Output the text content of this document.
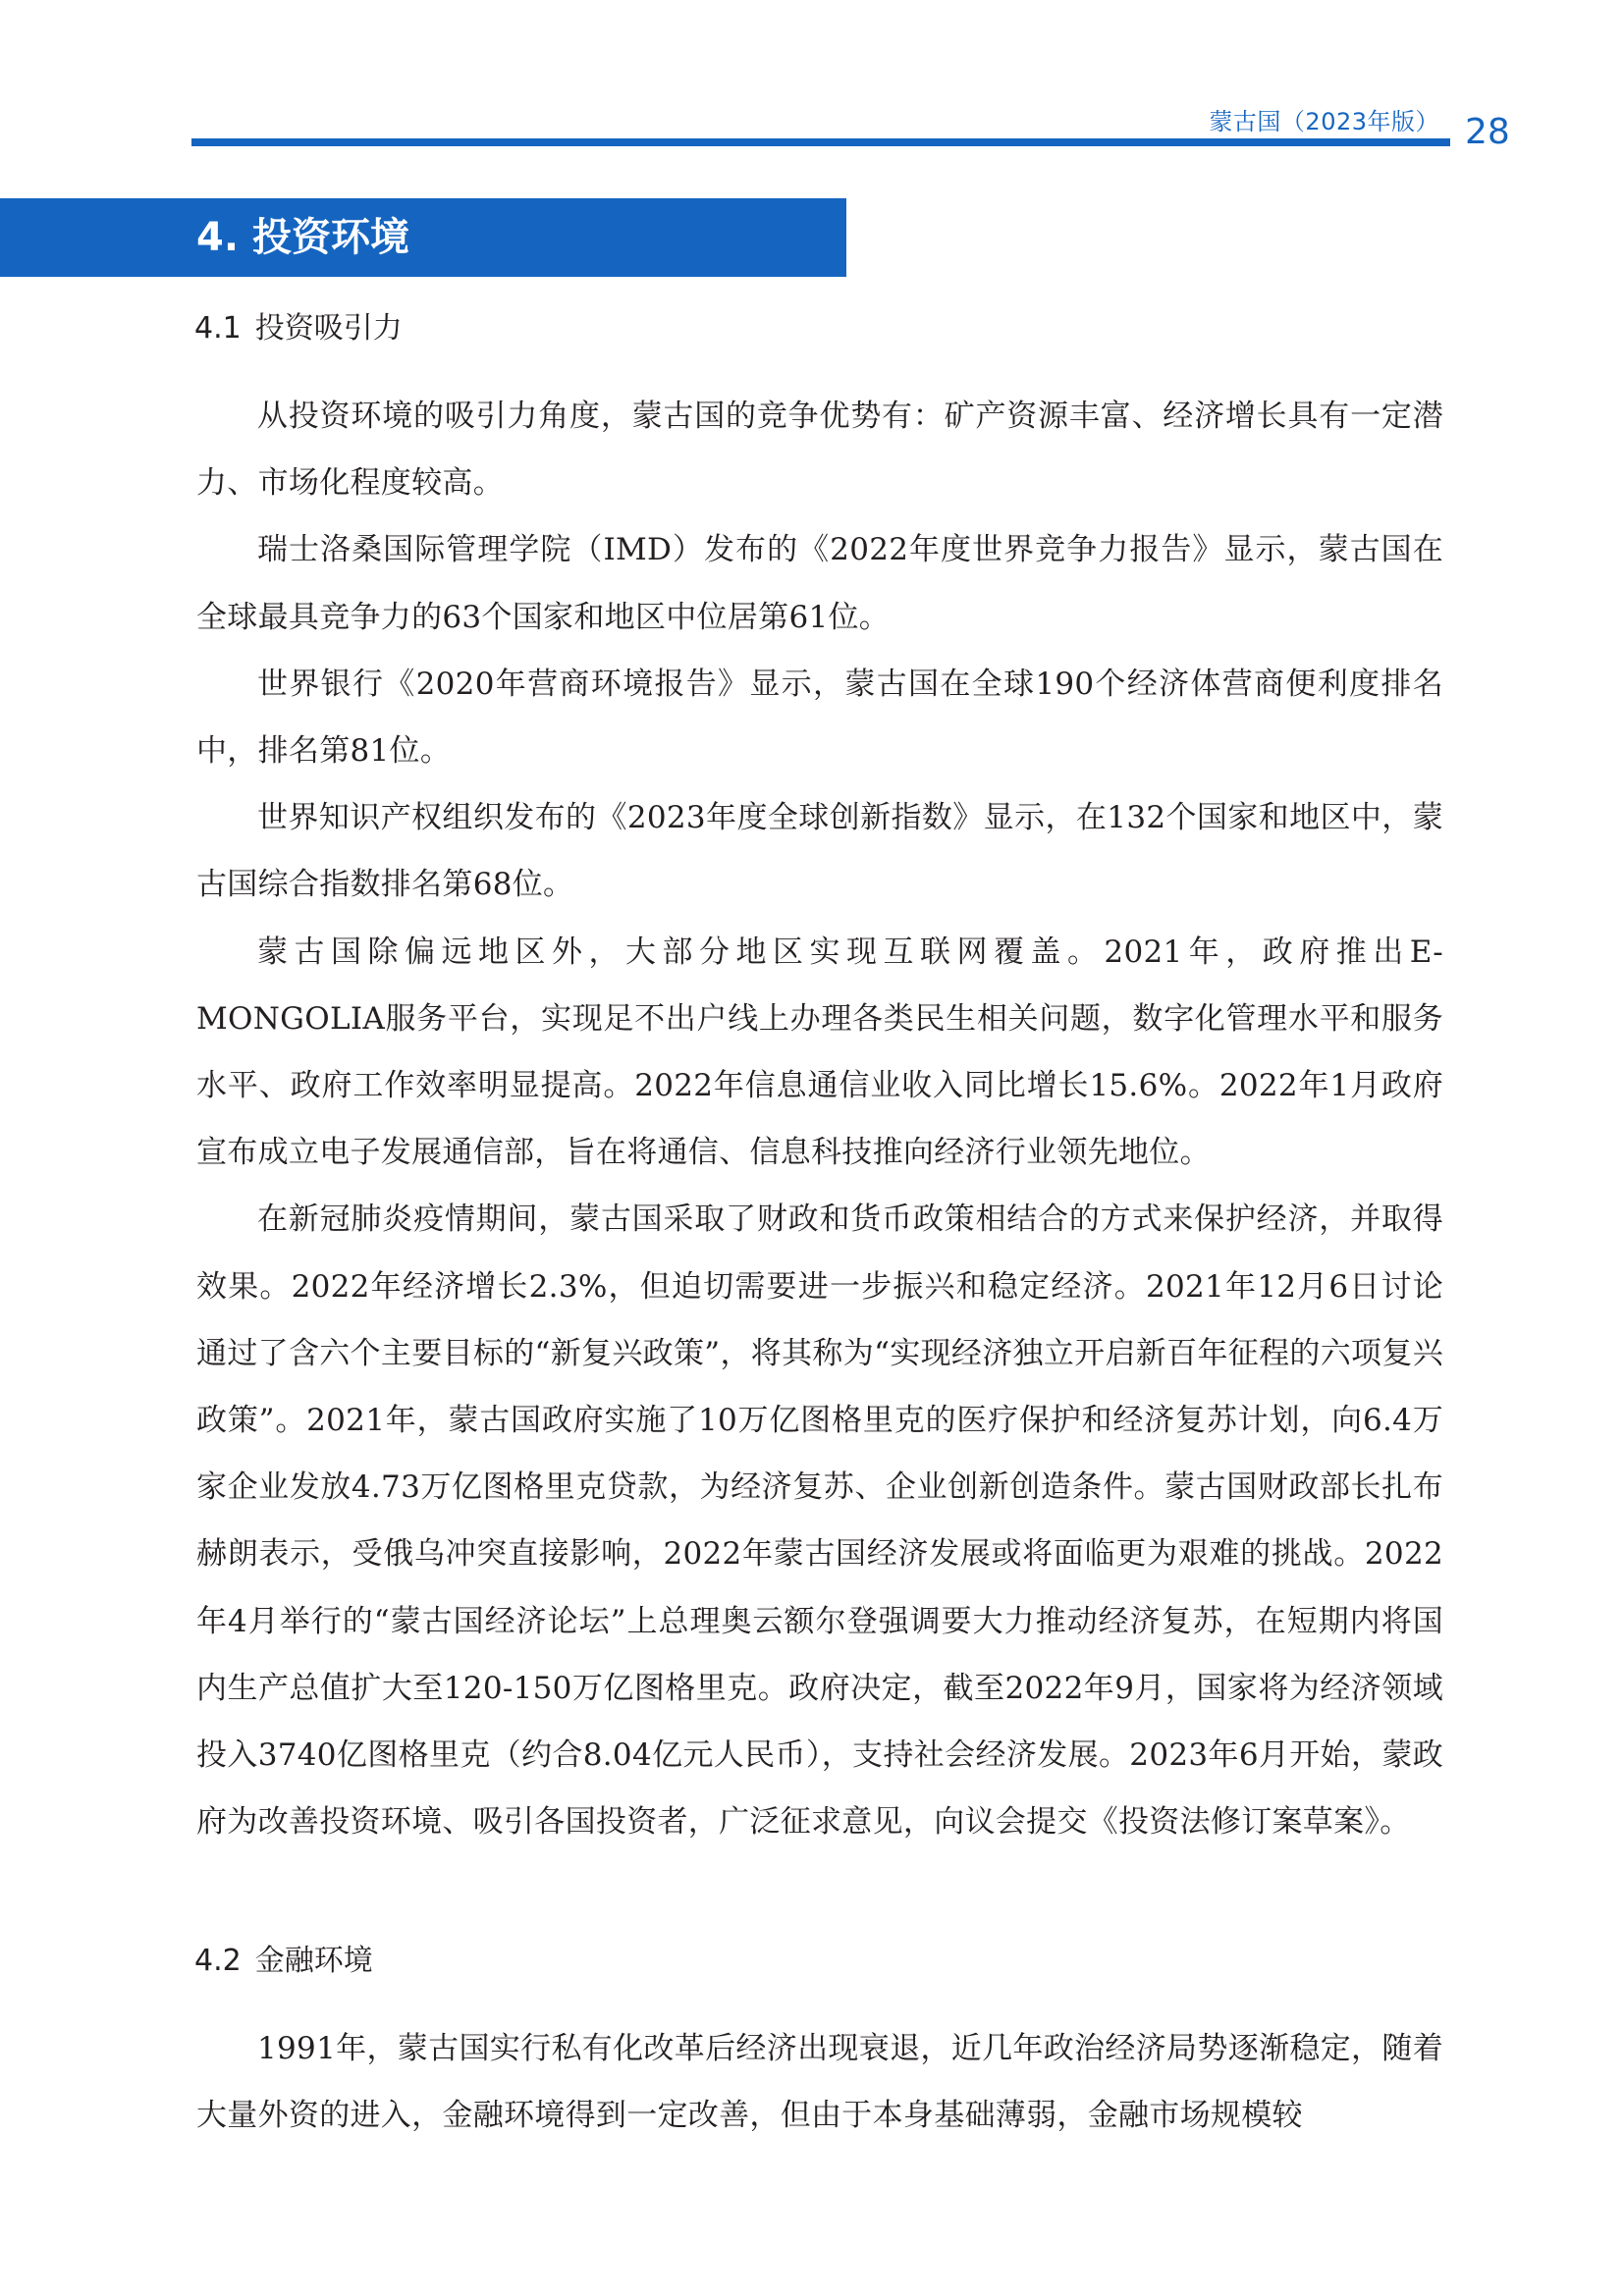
蒙古国（2023年版） 28
4. 投资环境
4.1 投资吸引力

从投资环境的吸引力角度，蒙古国的竞争优势有：矿产资源丰富、经济增长具有一定潜力、市场化程度较高。

瑞士洛桑国际管理学院（IMD）发布的《2022年度世界竞争力报告》显示，蒙古国在全球最具竞争力的63个国家和地区中位居第61位。

世界银行《2020年营商环境报告》显示，蒙古国在全球190个经济体营商便利度排名中，排名第81位。

世界知识产权组织发布的《2023年度全球创新指数》显示，在132个国家和地区中，蒙古国综合指数排名第68位。

蒙古国除偏远地区外，大部分地区实现互联网覆盖。2021年，政府推出E-MONGOLIA服务平台，实现足不出户线上办理各类民生相关问题，数字化管理水平和服务水平、政府工作效率明显提高。2022年信息通信业收入同比增长15.6%。2022年1月政府宣布成立电子发展通信部，旨在将通信、信息科技推向经济行业领先地位。

在新冠肺炎疫情期间，蒙古国采取了财政和货币政策相结合的方式来保护经济，并取得效果。2022年经济增长2.3%，但迫切需要进一步振兴和稳定经济。2021年12月6日讨论通过了含六个主要目标的“新复兴政策”，将其称为“实现经济独立开启新百年征程的六项复兴政策”。2021年，蒙古国政府实施了10万亿图格里克的医疗保护和经济复苏计划，向6.4万家企业发放4.73万亿图格里克贷款，为经济复苏、企业创新创造条件。蒙古国财政部长扎布赫朗表示，受俄乌冲突直接影响，2022年蒙古国经济发展或将面临更为艰难的挑战。2022年4月举行的“蒙古国经济论坛”上总理奥云额尔登强调要大力推动经济复苏，在短期内将国内生产总值扩大至120-150万亿图格里克。政府决定，截至2022年9月，国家将为经济领域投入3740亿图格里克（约合8.04亿元人民币），支持社会经济发展。2023年6月开始，蒙政府为改善投资环境、吸引各国投资者，广泛征求意见，向议会提交《投资法修订案草案》。

4.2 金融环境

1991年，蒙古国实行私有化改革后经济出现衰退，近几年政治经济局势逐渐稳定，随着大量外资的进入，金融环境得到一定改善，但由于本身基础薄弱，金融市场规模较
